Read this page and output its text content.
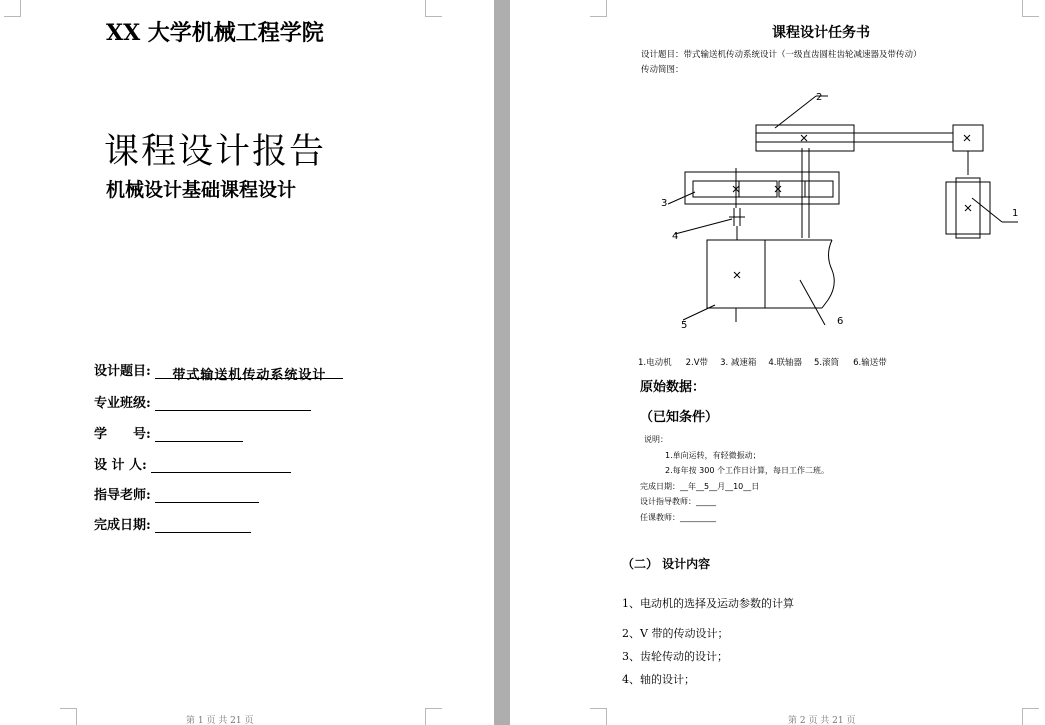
XX 大学机械工程学院
课程设计报告
机械设计基础课程设计
设计题目: 带式输送机传动系统设计
专业班级:
学　　号:
设 计 人:
指导老师:
完成日期:
第 1 页 共 21 页
课程设计任务书
设计题目：带式输送机传动系统设计（一级直齿圆柱齿轮减速器及带传动）
传动简图：
2
1
3
4
5	6
1.电动机 2.V带 3. 减速箱 4.联轴器 5.滚筒 6.输送带
原始数据：
（已知条件）
说明：
1.单向运转，有轻微振动；
2.每年按 300 个工作日计算，每日工作二班。
完成日期：__年__5__月__10__日
设计指导教师：_____
任课教师：_________
（二） 设计内容
1、电动机的选择及运动参数的计算
2、V 带的传动设计；
3、齿轮传动的设计；
4、轴的设计；
第 2 页 共 21 页
